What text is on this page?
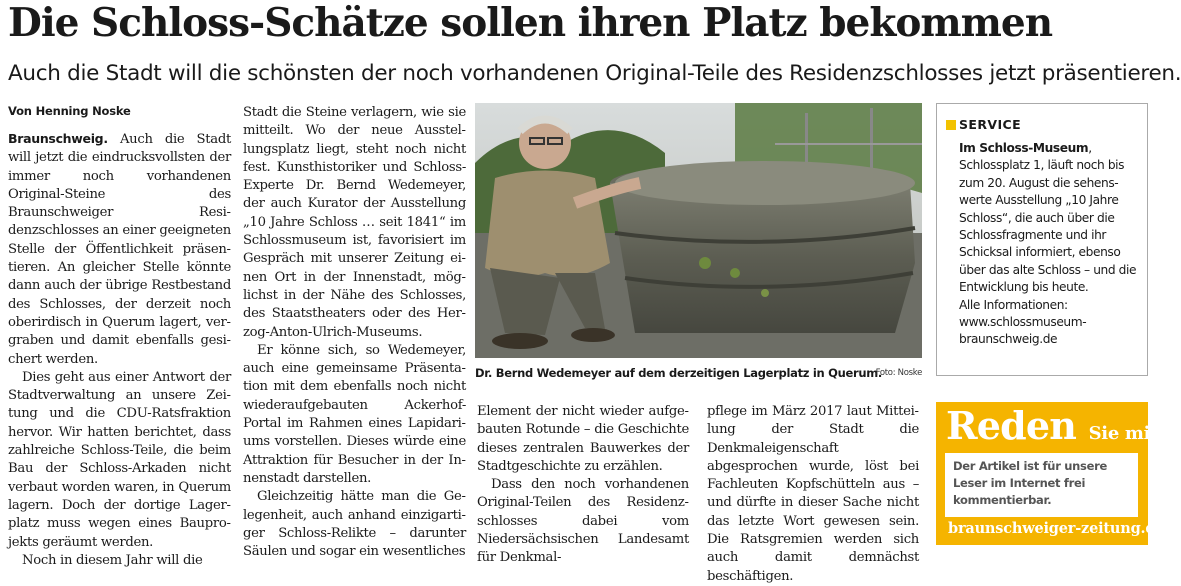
Die Schloss-Schätze sollen ihren Platz bekommen
Auch die Stadt will die schönsten der noch vorhandenen Original-Teile des Residenzschlosses jetzt präsentieren.
Von Henning Noske

Braunschweig. Auch die Stadt will jetzt die eindrucksvollsten der immer noch vorhandenen Original-Steine des Braunschweiger Residenzschlosses an einer geeigneten Stelle der Öffentlichkeit präsentieren. An gleicher Stelle könnte dann auch der übrige Restbestand des Schlosses, der derzeit noch oberirdisch in Querum lagert, vergraben und damit ebenfalls gesichert werden.

Dies geht aus einer Antwort der Stadtverwaltung an unsere Zeitung und die CDU-Ratsfraktion hervor. Wir hatten berichtet, dass zahlreiche Schloss-Teile, die beim Bau der Schloss-Arkaden nicht verbaut worden waren, in Querum lagern. Doch der dortige Lagerplatz muss wegen eines Bauprojekts geräumt werden.

Noch in diesem Jahr will die

Stadt die Steine verlagern, wie sie mitteilt. Wo der neue Ausstellungsplatz liegt, steht noch nicht fest. Kunsthistoriker und Schloss-Experte Dr. Bernd Wedemeyer, der auch Kurator der Ausstellung „10 Jahre Schloss … seit 1841“ im Schlossmuseum ist, favorisiert im Gespräch mit unserer Zeitung einen Ort in der Innenstadt, möglichst in der Nähe des Schlosses, des Staatstheaters oder des Herzog-Anton-Ulrich-Museums.

Er könne sich, so Wedemeyer, auch eine gemeinsame Präsentation mit dem ebenfalls noch nicht wiederaufgebauten Ackerhof-Portal im Rahmen eines Lapidariums vorstellen. Dieses würde eine Attraktion für Besucher in der Innenstadt darstellen.

Gleichzeitig hätte man die Gelegenheit, auch anhand einzigartiger Schloss-Relikte – darunter Säulen und sogar ein wesentliches

Dr. Bernd Wedemeyer auf dem derzeitigen Lagerplatz in Querum.
Foto: Noske

Element der nicht wieder aufgebauten Rotunde – die Geschichte dieses zentralen Bauwerkes der Stadtgeschichte zu erzählen.

Dass den noch vorhandenen Original-Teilen des Residenzschlosses dabei vom Niedersächsischen Landesamt für Denkmal-

pflege im März 2017 laut Mitteilung der Stadt die Denkmaleigenschaft abgesprochen wurde, löst bei Fachleuten Kopfschütteln aus – und dürfte in dieser Sache nicht das letzte Wort gewesen sein. Die Ratsgremien werden sich auch damit demnächst beschäftigen.

SERVICE
Im Schloss-Museum, Schlossplatz 1, läuft noch bis zum 20. August die sehenswerte Ausstellung „10 Jahre Schloss“, die auch über die Schlossfragmente und ihr Schicksal informiert, ebenso über das alte Schloss – und die Entwicklung bis heute.
Alle Informationen:
www.schlossmuseum-braunschweig.de
Reden Sie mit!
Der Artikel ist für unsere Leser im Internet frei kommentierbar.
braunschweiger-zeitung.de
